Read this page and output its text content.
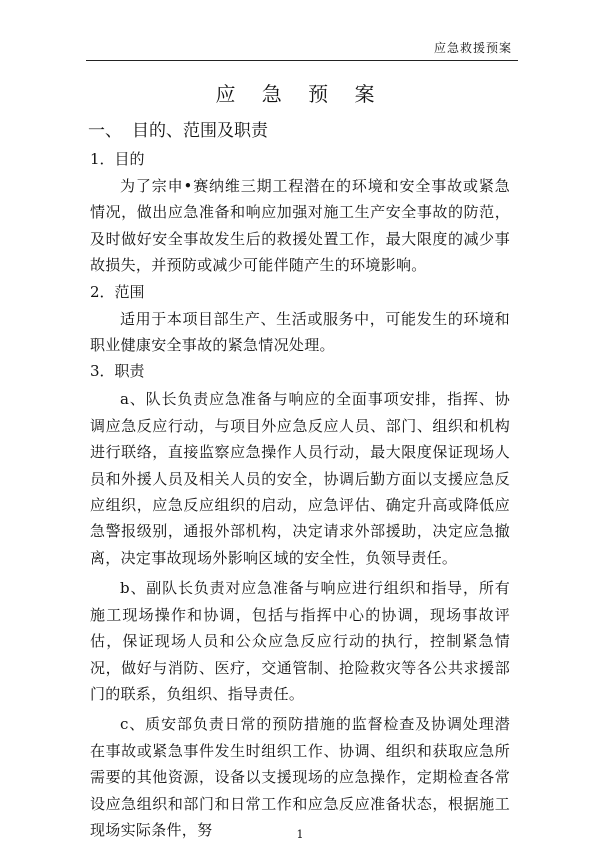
应急救援预案
应 急 预 案
一、 目的、范围及职责
1．目的
为了宗申•赛纳维三期工程潜在的环境和安全事故或紧急情况，做出应急准备和响应加强对施工生产安全事故的防范，及时做好安全事故发生后的救援处置工作，最大限度的减少事故损失，并预防或减少可能伴随产生的环境影响。
2．范围
适用于本项目部生产、生活或服务中，可能发生的环境和职业健康安全事故的紧急情况处理。
3．职责
a、队长负责应急准备与响应的全面事项安排，指挥、协调应急反应行动，与项目外应急反应人员、部门、组织和机构进行联络，直接监察应急操作人员行动，最大限度保证现场人员和外援人员及相关人员的安全，协调后勤方面以支援应急反应组织，应急反应组织的启动，应急评估、确定升高或降低应急警报级别，通报外部机构，决定请求外部援助，决定应急撤离，决定事故现场外影响区域的安全性，负领导责任。
b、副队长负责对应急准备与响应进行组织和指导，所有施工现场操作和协调，包括与指挥中心的协调，现场事故评估，保证现场人员和公众应急反应行动的执行，控制紧急情况，做好与消防、医疗，交通管制、抢险救灾等各公共求援部门的联系，负组织、指导责任。
c、质安部负责日常的预防措施的监督检查及协调处理潜在事故或紧急事件发生时组织工作、协调、组织和获取应急所需要的其他资源，设备以支援现场的应急操作，定期检查各常设应急组织和部门和日常工作和应急反应准备状态，根据施工现场实际条件，努	1
